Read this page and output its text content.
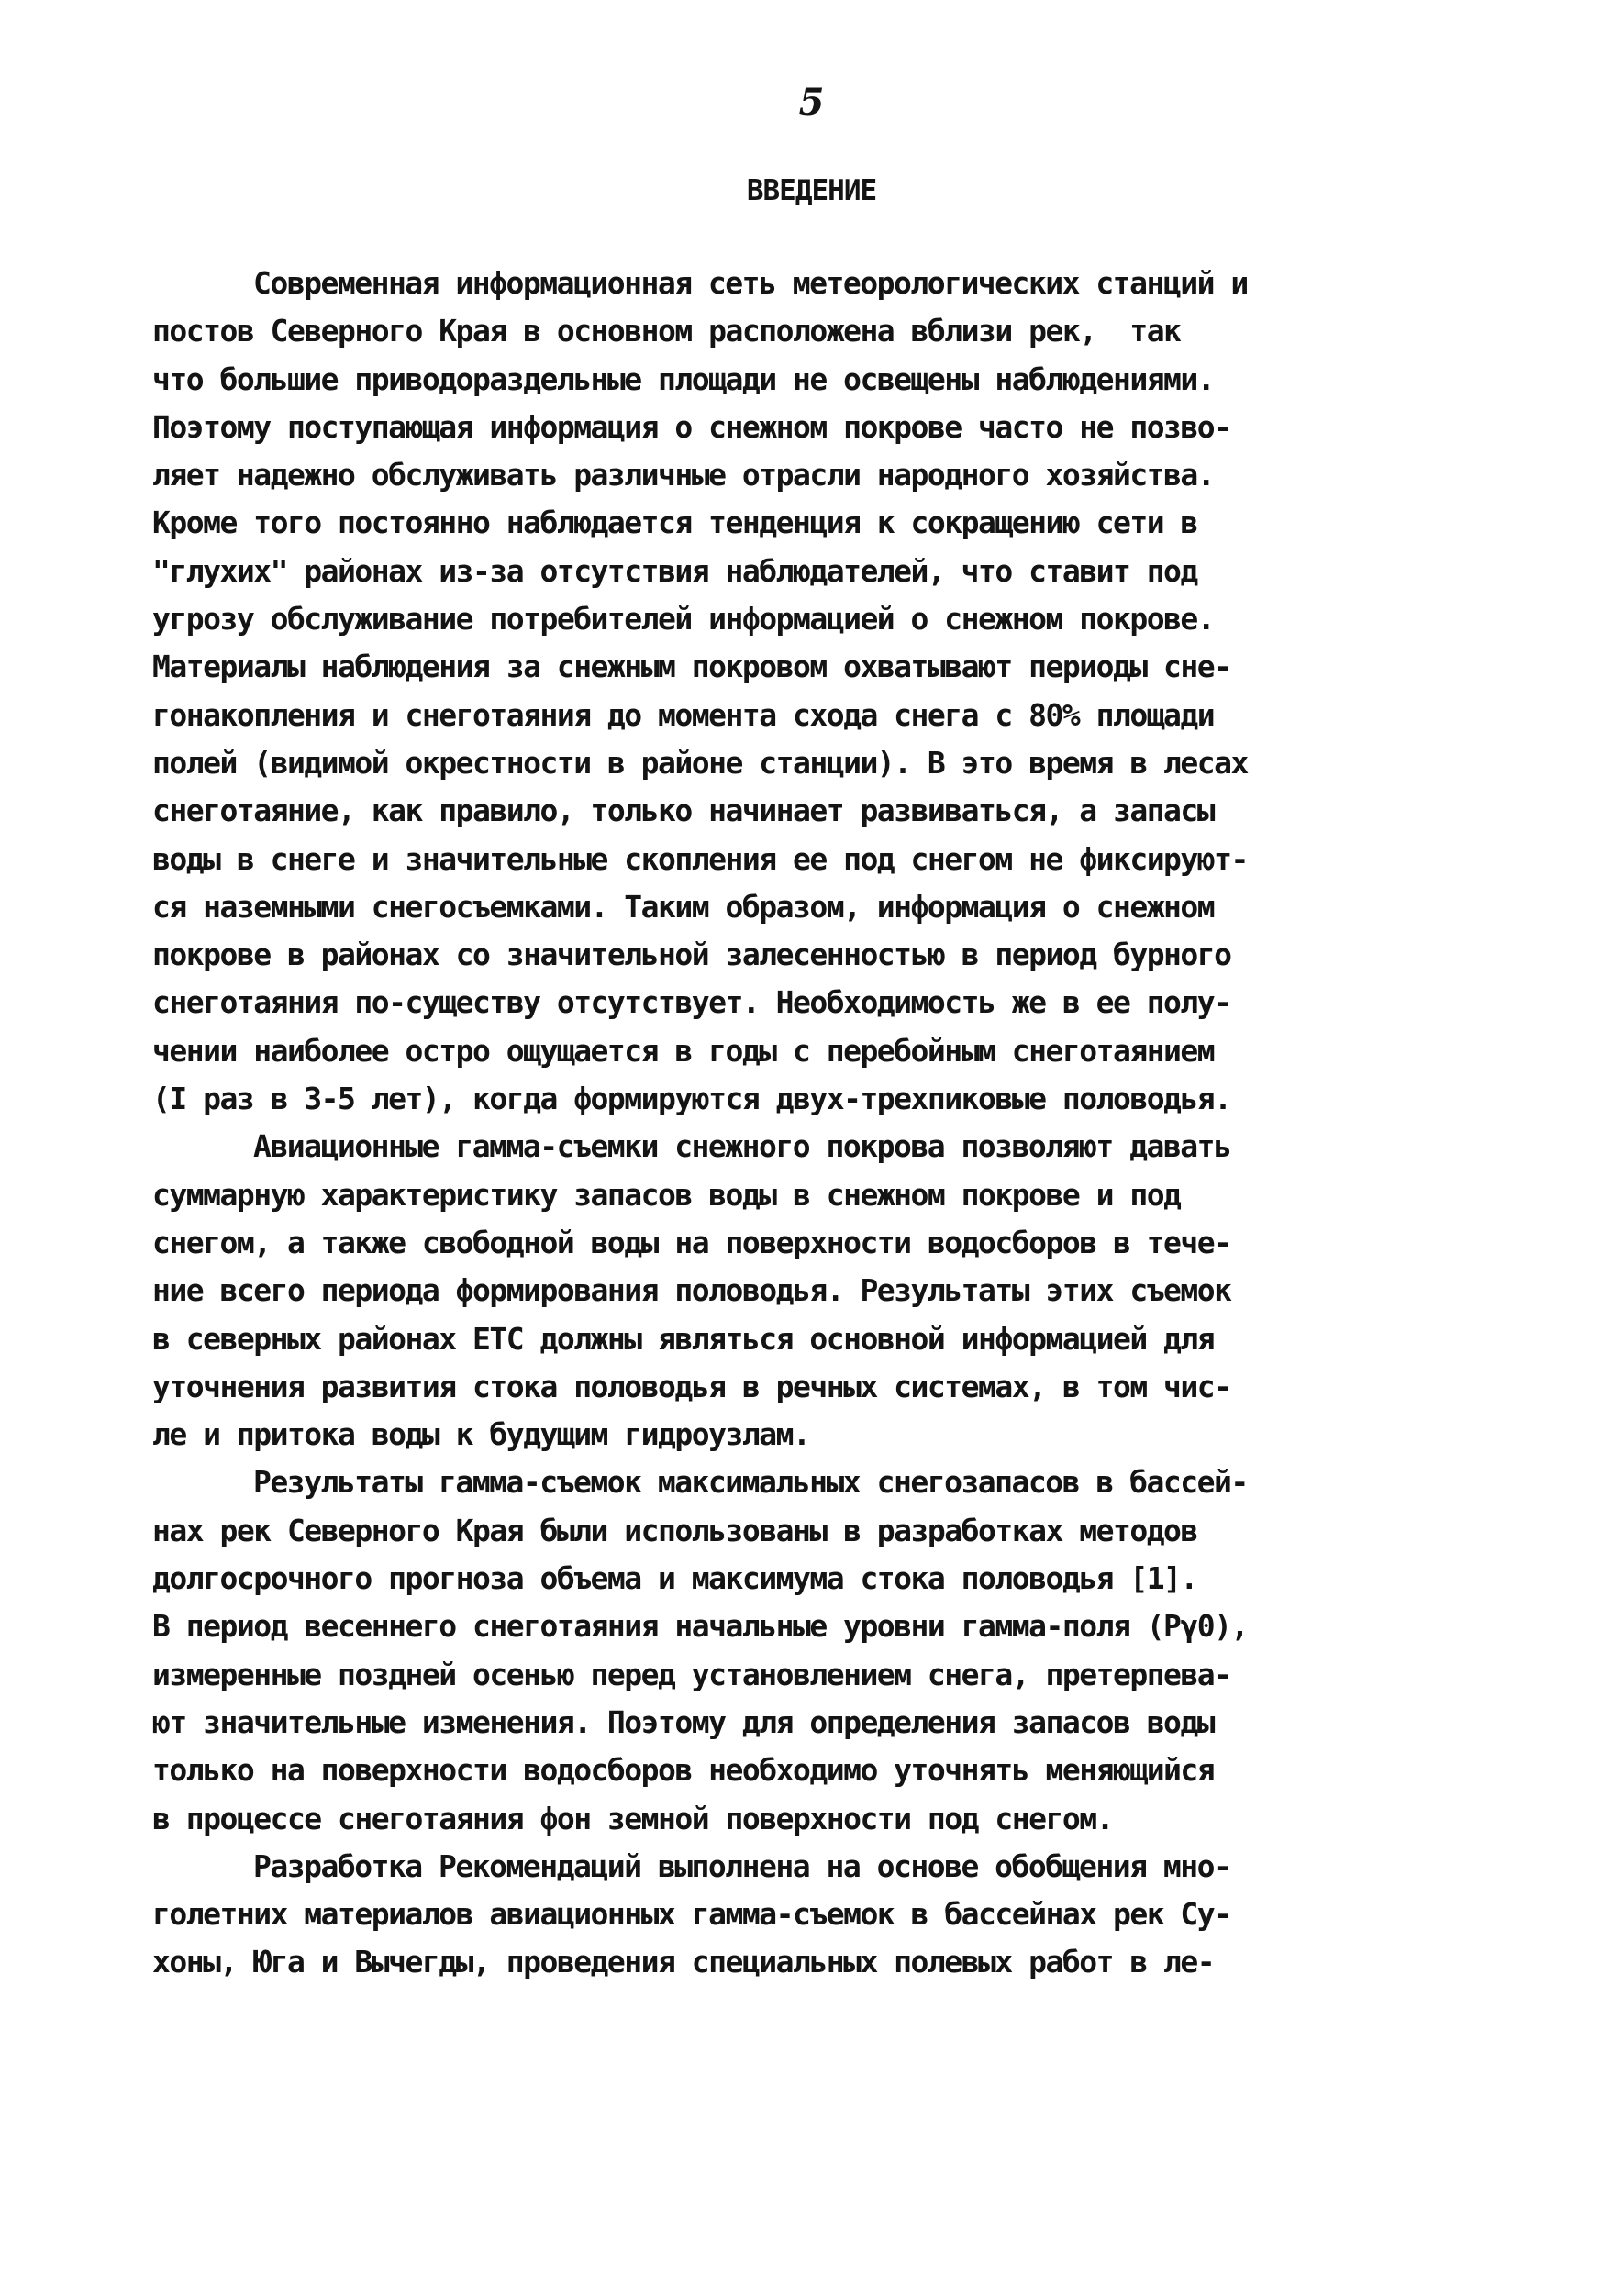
5
ВВЕДЕНИЕ
Современная информационная сеть метеорологических станций и
постов Северного Края в основном расположена вблизи рек,  так
что большие приводораздельные площади не освещены наблюдениями.
Поэтому поступающая информация о снежном покрове часто не позво-
ляет надежно обслуживать различные отрасли народного хозяйства.
Кроме того постоянно наблюдается тенденция к сокращению сети в
"глухих" районах из-за отсутствия наблюдателей, что ставит под
угрозу обслуживание потребителей информацией о снежном покрове.
Материалы наблюдения за снежным покровом охватывают периоды сне-
гонакопления и снеготаяния до момента схода снега с 80% площади
полей (видимой окрестности в районе станции). В это время в лесах
снеготаяние, как правило, только начинает развиваться, а запасы
воды в снеге и значительные скопления ее под снегом не фиксируют-
ся наземными снегосъемками. Таким образом, информация о снежном
покрове в районах со значительной залесенностью в период бурного
снеготаяния по-существу отсутствует. Необходимость же в ее полу-
чении наиболее остро ощущается в годы с перебойным снеготаянием
(I раз в 3-5 лет), когда формируются двух-трехпиковые половодья.
Авиационные гамма-съемки снежного покрова позволяют давать
суммарную характеристику запасов воды в снежном покрове и под
снегом, а также свободной воды на поверхности водосборов в тече-
ние всего периода формирования половодья. Результаты этих съемок
в северных районах ЕТС должны являться основной информацией для
уточнения развития стока половодья в речных системах, в том чис-
ле и притока воды к будущим гидроузлам.
Результаты гамма-съемок максимальных снегозапасов в бассей-
нах рек Северного Края были использованы в разработках методов
долгосрочного прогноза объема и максимума стока половодья [1].
В период весеннего снеготаяния начальные уровни гамма-поля (Pγ0),
измеренные поздней осенью перед установлением снега, претерпева-
ют значительные изменения. Поэтому для определения запасов воды
только на поверхности водосборов необходимо уточнять меняющийся
в процессе снеготаяния фон земной поверхности под снегом.
Разработка Рекомендаций выполнена на основе обобщения мно-
голетних материалов авиационных гамма-съемок в бассейнах рек Су-
хоны, Юга и Вычегды, проведения специальных полевых работ в ле-
